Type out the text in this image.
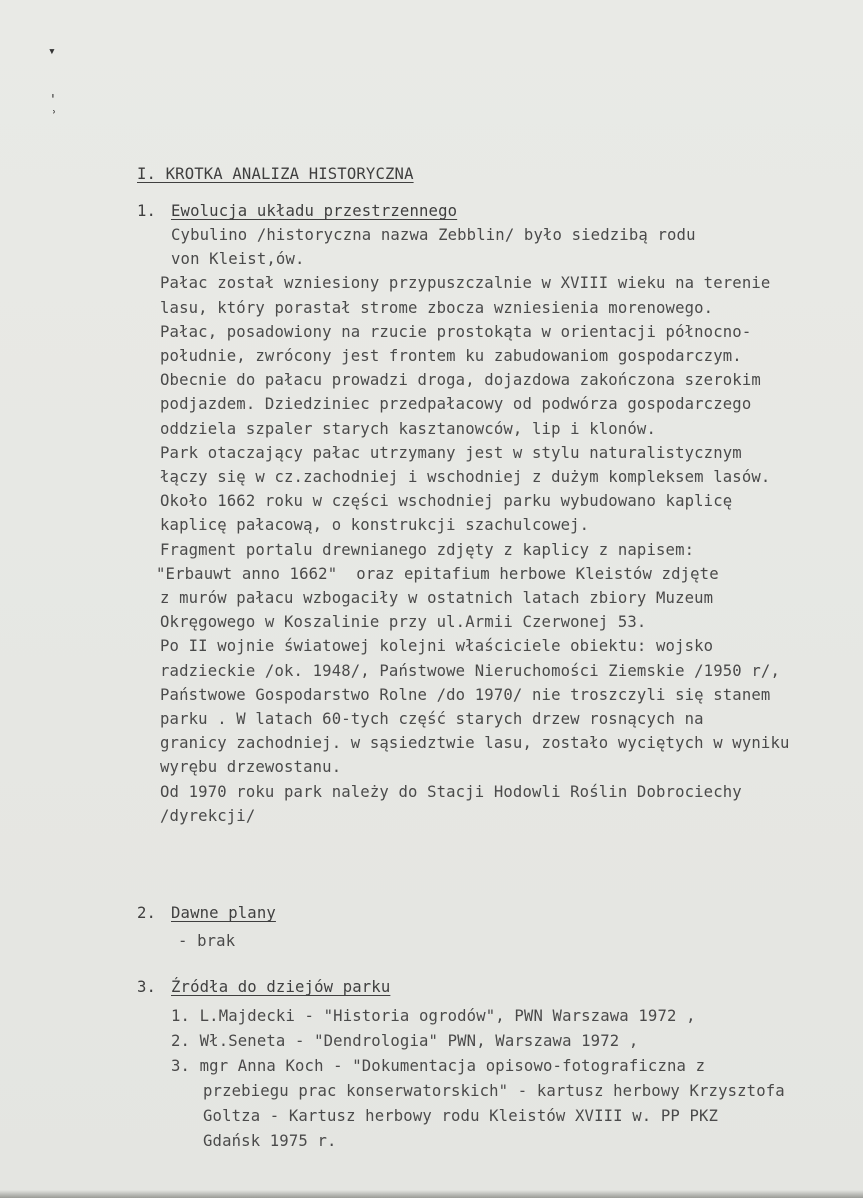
▾
'
˒
I. KROTKA ANALIZA HISTORYCZNA
1. Ewolucja układu przestrzennego
Cybulino /historyczna nazwa Zebblin/ było siedzibą rodu
von Kleist,ów.
Pałac został wzniesiony przypuszczalnie w XVIII wieku na terenie
lasu, który porastał strome zbocza wzniesienia morenowego.
Pałac, posadowiony na rzucie prostokąta w orientacji północno-
południe, zwrócony jest frontem ku zabudowaniom gospodarczym.
Obecnie do pałacu prowadzi droga, dojazdowa zakończona szerokim
podjazdem. Dziedziniec przedpałacowy od podwórza gospodarczego
oddziela szpaler starych kasztanowców, lip i klonów.
Park otaczający pałac utrzymany jest w stylu naturalistycznym
łączy się w cz.zachodniej i wschodniej z dużym kompleksem lasów.
Około 1662 roku w części wschodniej parku wybudowano kaplicę
kaplicę pałacową, o konstrukcji szachulcowej.
Fragment portalu drewnianego zdjęty z kaplicy z napisem:
"Erbauwt anno 1662"  oraz epitafium herbowe Kleistów zdjęte
z murów pałacu wzbogaciły w ostatnich latach zbiory Muzeum
Okręgowego w Koszalinie przy ul.Armii Czerwonej 53.
Po II wojnie światowej kolejni właściciele obiektu: wojsko
radzieckie /ok. 1948/, Państwowe Nieruchomości Ziemskie /1950 r/,
Państwowe Gospodarstwo Rolne /do 1970/ nie troszczyli się stanem
parku . W latach 60-tych część starych drzew rosnących na
granicy zachodniej. w sąsiedztwie lasu, zostało wyciętych w wyniku
wyrębu drzewostanu.
Od 1970 roku park należy do Stacji Hodowli Roślin Dobrociechy
/dyrekcji/
2. Dawne plany
- brak
3. Źródła do dziejów parku
1. L.Majdecki - "Historia ogrodów", PWN Warszawa 1972 ,
2. Wł.Seneta - "Dendrologia" PWN, Warszawa 1972 ,
3. mgr Anna Koch - "Dokumentacja opisowo-fotograficzna z
przebiegu prac konserwatorskich" - kartusz herbowy Krzysztofa
Goltza - Kartusz herbowy rodu Kleistów XVIII w. PP PKZ
Gdańsk 1975 r.
